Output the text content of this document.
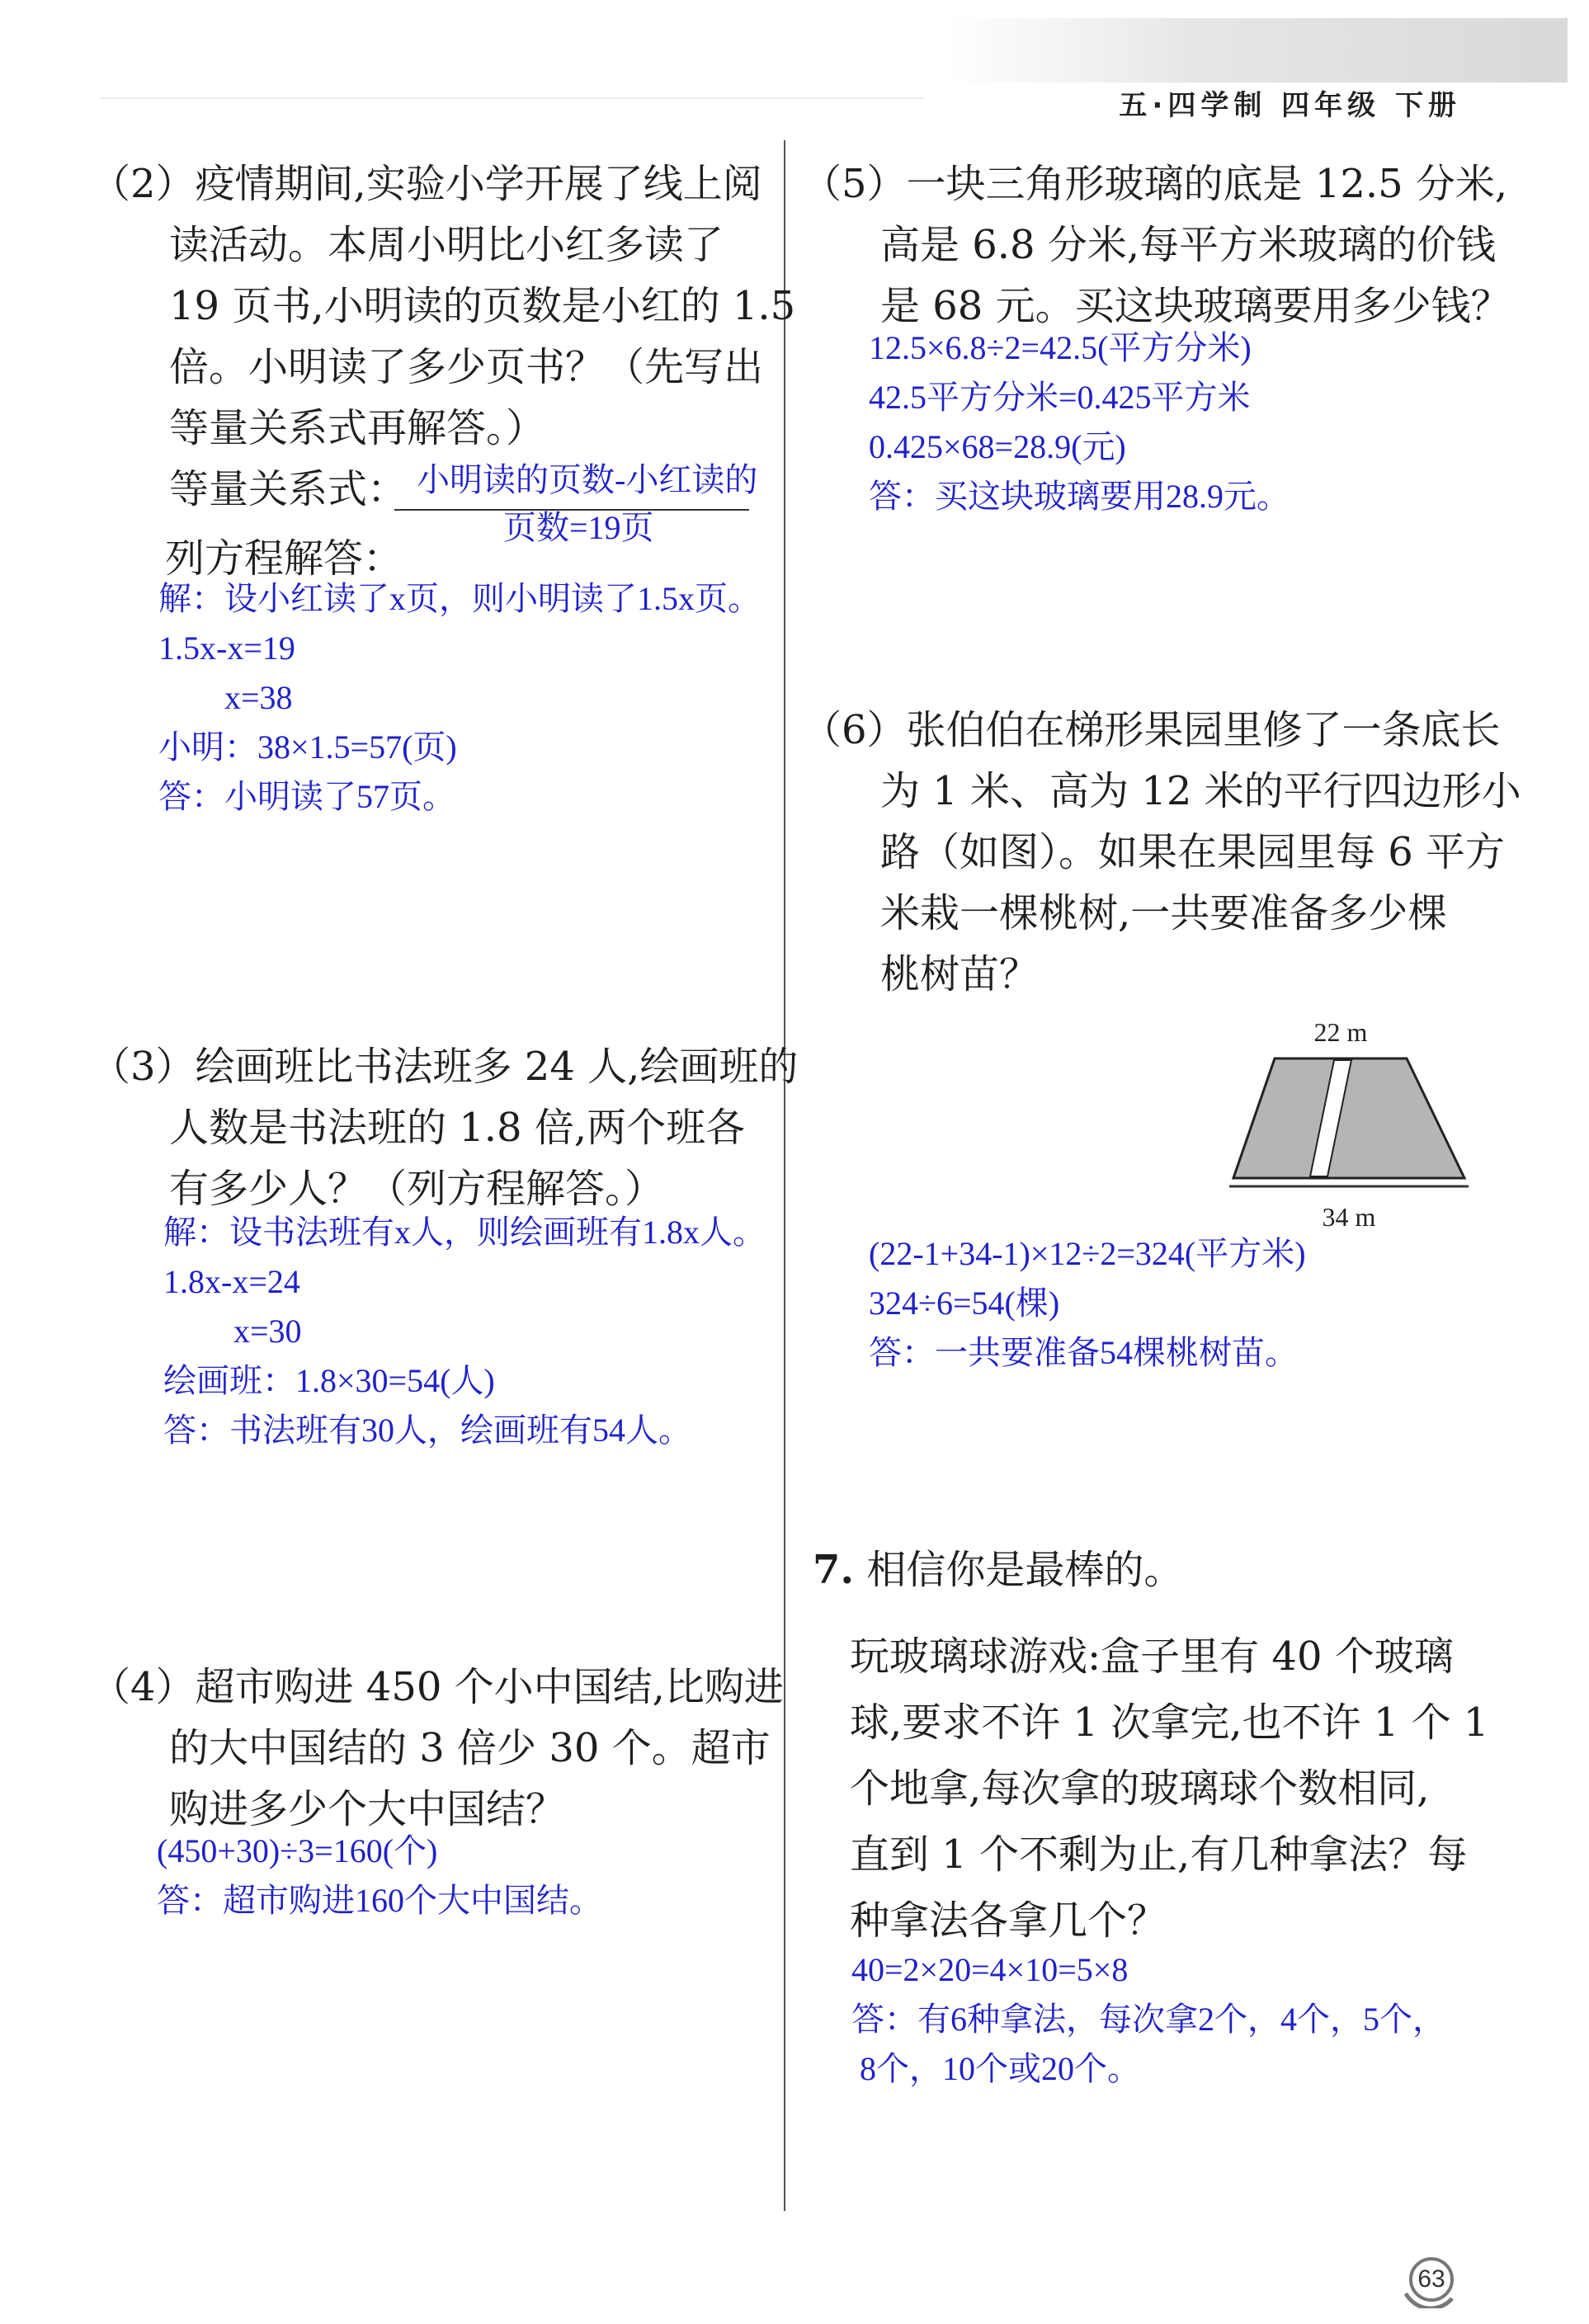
五·四学制 四年级 下册

（2）疫情期间,实验小学开展了线上阅

读活动。本周小明比小红多读了

19 页书,小明读的页数是小红的 1.5

倍。小明读了多少页书？（先写出

等量关系式再解答。）

等量关系式： 小明读的页数-小红读的
页数=19页

列方程解答：

解：设小红读了x页，则小明读了1.5x页。

1.5x-x=19

x=38

小明：38×1.5=57(页)

答：小明读了57页。

（3）绘画班比书法班多 24 人,绘画班的

人数是书法班的 1.8 倍,两个班各

有多少人？（列方程解答。）

解：设书法班有x人，则绘画班有1.8x人。

1.8x-x=24

x=30

绘画班：1.8×30=54(人)

答：书法班有30人，绘画班有54人。

（4）超市购进 450 个小中国结,比购进

的大中国结的 3 倍少 30 个。超市

购进多少个大中国结？

(450+30)÷3=160(个)

答：超市购进160个大中国结。

（5）一块三角形玻璃的底是 12.5 分米,

高是 6.8 分米,每平方米玻璃的价钱

是 68 元。买这块玻璃要用多少钱？

12.5×6.8÷2=42.5(平方分米)

42.5平方分米=0.425平方米

0.425×68=28.9(元)

答：买这块玻璃要用28.9元。

（6）张伯伯在梯形果园里修了一条底长

为 1 米、高为 12 米的平行四边形小

路（如图）。如果在果园里每 6 平方

米栽一棵桃树,一共要准备多少棵

桃树苗？

22 m
34 m

(22-1+34-1)×12÷2=324(平方米)

324÷6=54(棵)

答：一共要准备54棵桃树苗。

7. 相信你是最棒的。

玩玻璃球游戏:盒子里有 40 个玻璃

球,要求不许 1 次拿完,也不许 1 个 1

个地拿,每次拿的玻璃球个数相同,

直到 1 个不剩为止,有几种拿法？每

种拿法各拿几个？

40=2×20=4×10=5×8

答：有6种拿法，每次拿2个，4个，5个，

8个，10个或20个。

63
